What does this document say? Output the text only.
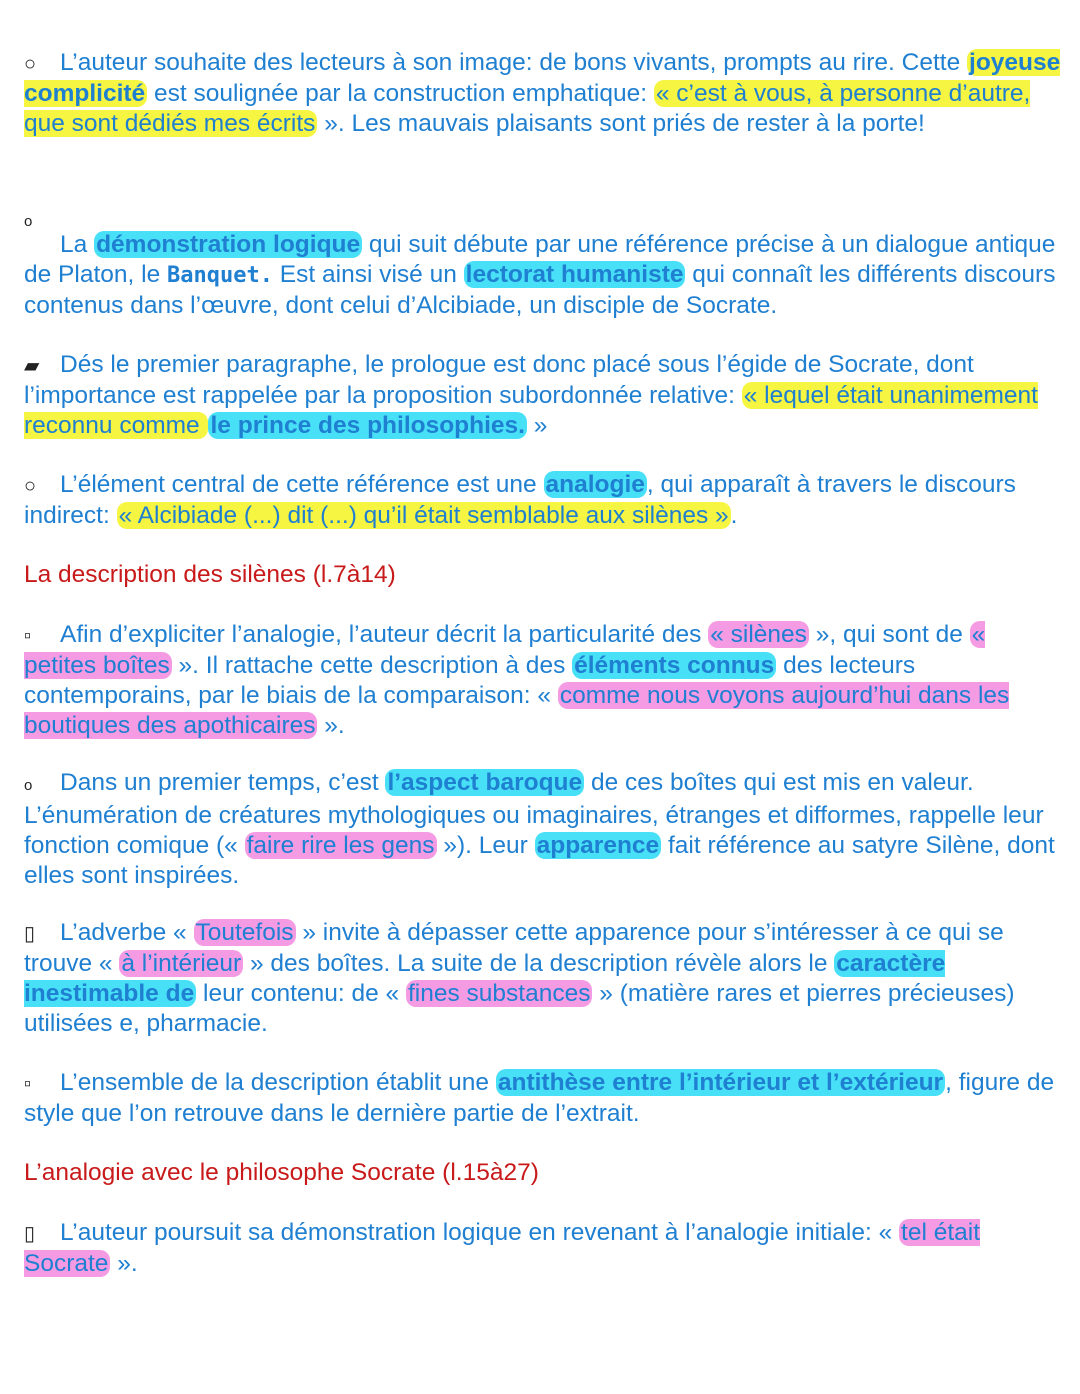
○ L’auteur souhaite des lecteurs à son image: de bons vivants, prompts au rire. Cette joyeuse complicité est soulignée par la construction emphatique: « c’est à vous, à personne d’autre, que sont dédiés mes écrits ». Les mauvais plaisants sont priés de rester à la porte!

o

La démonstration logique qui suit débute par une référence précise à un dialogue antique de Platon, le Banquet. Est ainsi visé un lectorat humaniste qui connaît les différents discours contenus dans l’œuvre, dont celui d’Alcibiade, un disciple de Socrate.

▰ Dés le premier paragraphe, le prologue est donc placé sous l’égide de Socrate, dont l’importance est rappelée par la proposition subordonnée relative: « lequel était unanimement reconnu comme le prince des philosophies. »

○ L’élément central de cette référence est une analogie, qui apparaît à travers le discours indirect: « Alcibiade (...) dit (...) qu’il était semblable aux silènes ».

La description des silènes (l.7à14)

▫ Afin d’expliciter l’analogie, l’auteur décrit la particularité des « silènes », qui sont de « petites boîtes ». Il rattache cette description à des éléments connus des lecteurs contemporains, par le biais de la comparaison: « comme nous voyons aujourd’hui dans les boutiques des apothicaires ».

o Dans un premier temps, c’est l’aspect baroque de ces boîtes qui est mis en valeur. L’énumération de créatures mythologiques ou imaginaires, étranges et difformes, rappelle leur fonction comique (« faire rire les gens »). Leur apparence fait référence au satyre Silène, dont elles sont inspirées.

▯ L’adverbe « Toutefois » invite à dépasser cette apparence pour s’intéresser à ce qui se trouve « à l’intérieur » des boîtes. La suite de la description révèle alors le caractère inestimable de leur contenu: de « fines substances » (matière rares et pierres précieuses) utilisées e, pharmacie.

▫ L’ensemble de la description établit une antithèse entre l’intérieur et l’extérieur, figure de style que l’on retrouve dans le dernière partie de l’extrait.

L’analogie avec le philosophe Socrate (l.15à27)

▯ L’auteur poursuit sa démonstration logique en revenant à l’analogie initiale: « tel était Socrate ».
